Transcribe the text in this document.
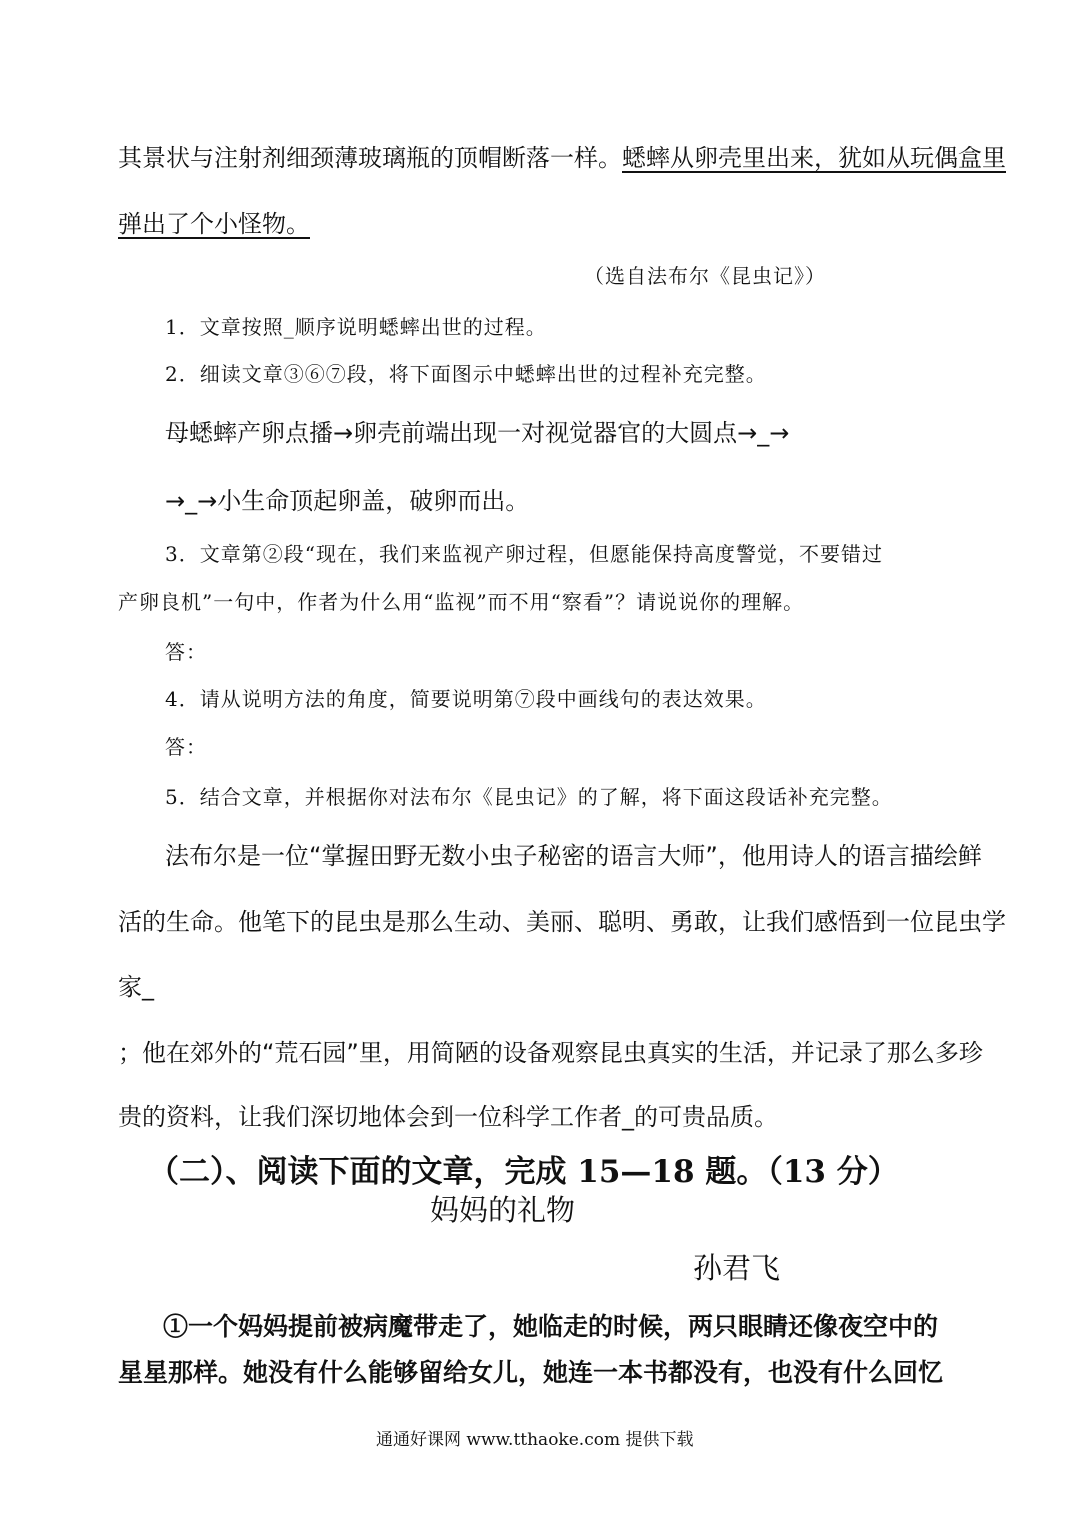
其景状与注射剂细颈薄玻璃瓶的顶帽断落一样。蟋蟀从卵壳里出来，犹如从玩偶盒里
弹出了个小怪物。
（选自法布尔《昆虫记》）
1．文章按照_顺序说明蟋蟀出世的过程。
2．细读文章③⑥⑦段，将下面图示中蟋蟀出世的过程补充完整。
母蟋蟀产卵点播→卵壳前端出现一对视觉器官的大圆点→_→
→_→小生命顶起卵盖，破卵而出。
3．文章第②段“现在，我们来监视产卵过程，但愿能保持高度警觉，不要错过
产卵良机”一句中，作者为什么用“监视”而不用“察看”？请说说你的理解。
答：
4．请从说明方法的角度，简要说明第⑦段中画线句的表达效果。
答：
5．结合文章，并根据你对法布尔《昆虫记》的了解，将下面这段话补充完整。
法布尔是一位“掌握田野无数小虫子秘密的语言大师”，他用诗人的语言描绘鲜
活的生命。他笔下的昆虫是那么生动、美丽、聪明、勇敢，让我们感悟到一位昆虫学
家_
；他在郊外的“荒石园”里，用简陋的设备观察昆虫真实的生活，并记录了那么多珍
贵的资料，让我们深切地体会到一位科学工作者_的可贵品质。
（二）、阅读下面的文章，完成 15—18 题。（13 分）
妈妈的礼物
孙君飞
①一个妈妈提前被病魔带走了，她临走的时候，两只眼睛还像夜空中的
星星那样。她没有什么能够留给女儿，她连一本书都没有，也没有什么回忆
通通好课网 www.tthaoke.com 提供下载
